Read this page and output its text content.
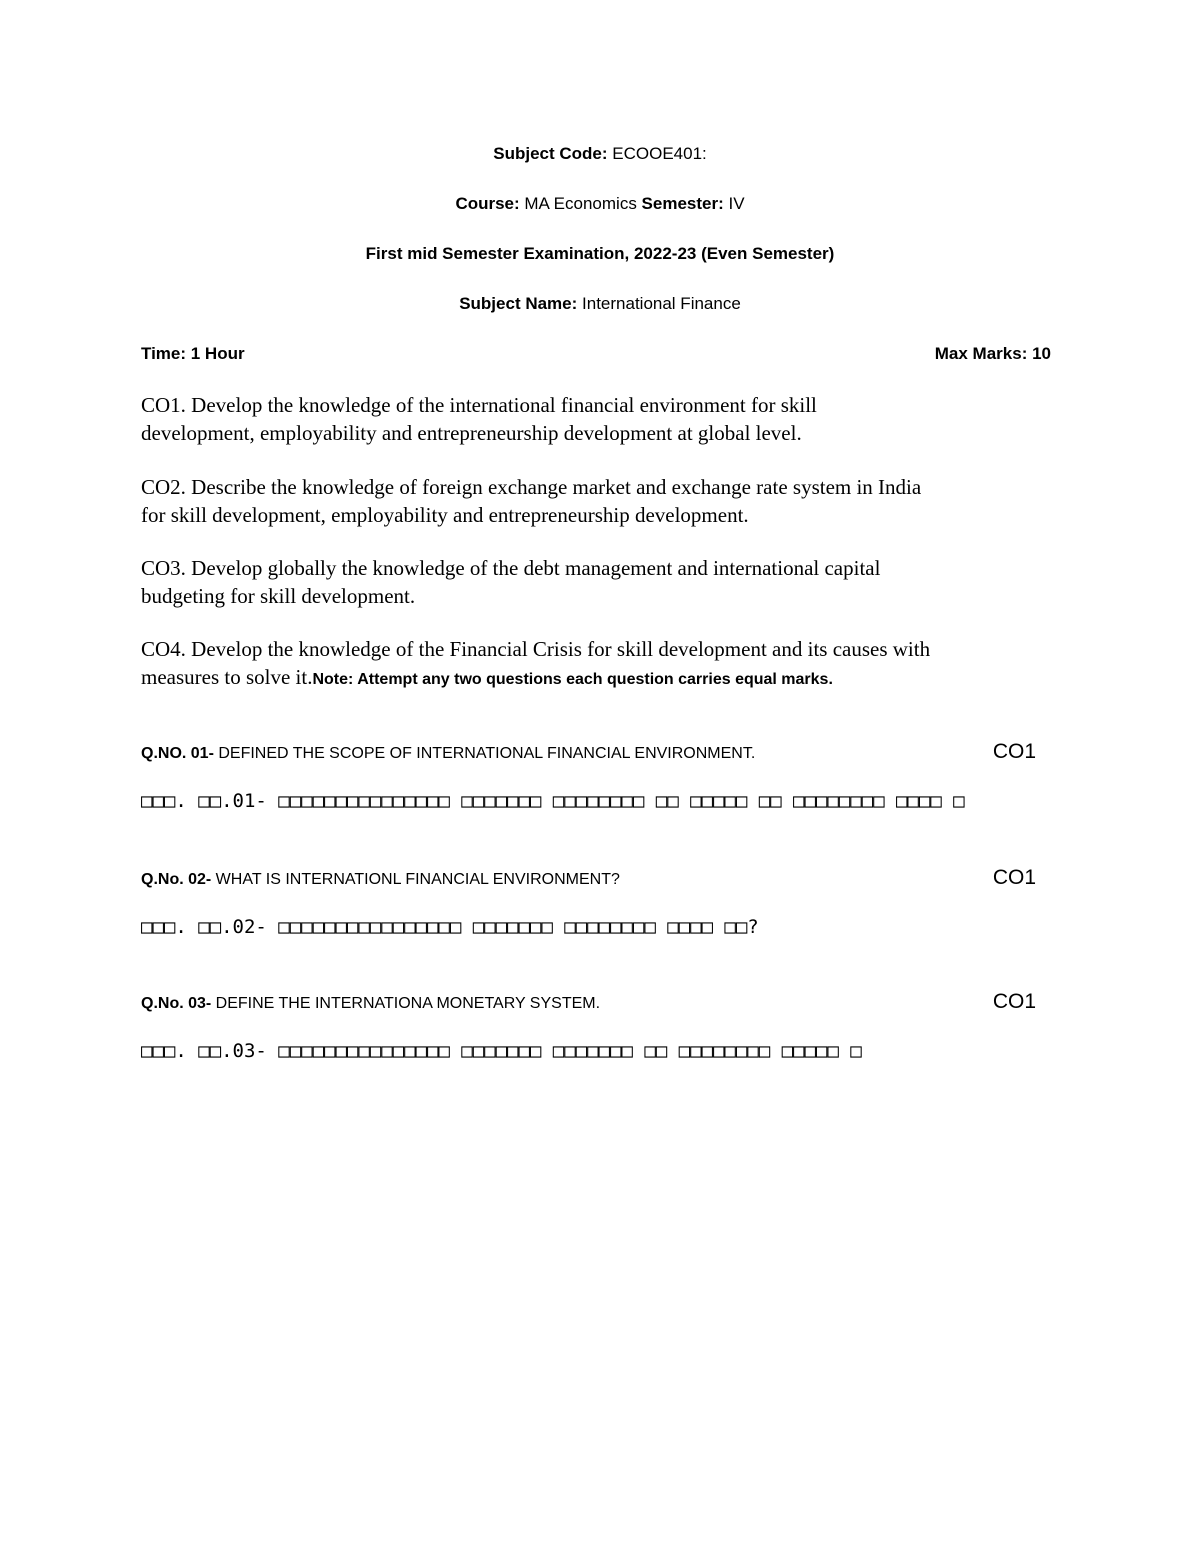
Subject Code: ECOOE401:
Course: MA Economics Semester: IV
First mid Semester Examination, 2022-23 (Even Semester)
Subject Name: International Finance
Time: 1 Hour	Max Marks: 10
CO1. Develop the knowledge of the international financial environment for skill
development, employability and entrepreneurship development at global level.
CO2. Describe the knowledge of foreign exchange market and exchange rate system in India
for skill development, employability and entrepreneurship development.
CO3. Develop globally the knowledge of the debt management and international capital
budgeting for skill development.
CO4. Develop the knowledge of the Financial Crisis for skill development and its causes with
measures to solve it.Note: Attempt any two questions each question carries equal marks.
Q.NO. 01- DEFINED THE SCOPE OF INTERNATIONAL FINANCIAL ENVIRONMENT.	CO1
□□□. □□.01- □□□□□□□□□□□□□□□ □□□□□□□ □□□□□□□□ □□ □□□□□ □□ □□□□□□□□ □□□□ □
Q.No. 02- WHAT IS INTERNATIONL FINANCIAL ENVIRONMENT?	CO1
□□□. □□.02- □□□□□□□□□□□□□□□□ □□□□□□□ □□□□□□□□ □□□□ □□?
Q.No. 03- DEFINE THE INTERNATIONA MONETARY SYSTEM.	CO1
□□□. □□.03- □□□□□□□□□□□□□□□ □□□□□□□ □□□□□□□ □□ □□□□□□□□ □□□□□ □
